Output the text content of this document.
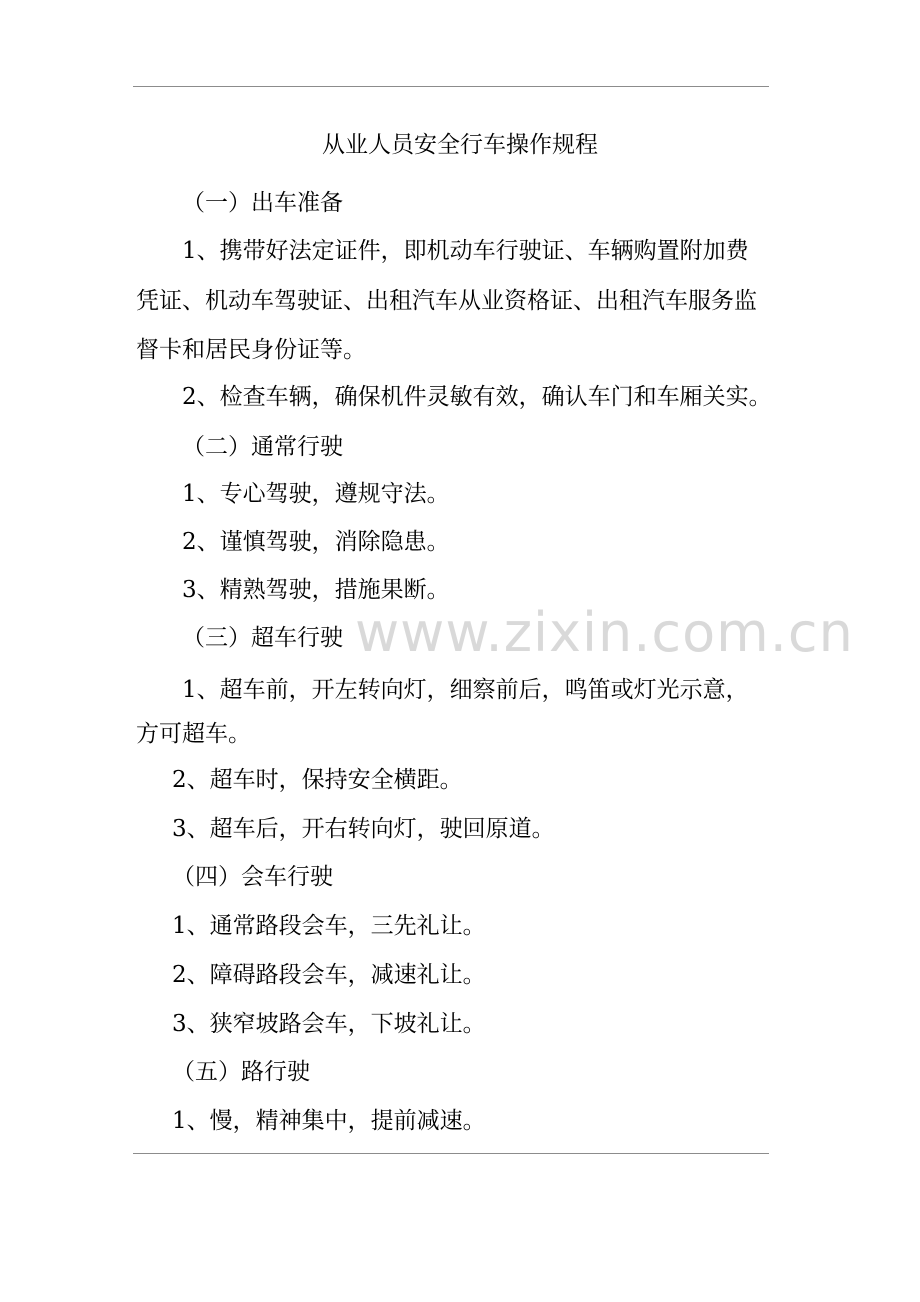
从业人员安全行车操作规程
（一）出车准备
1、携带好法定证件，即机动车行驶证、车辆购置附加费
凭证、机动车驾驶证、出租汽车从业资格证、出租汽车服务监
督卡和居民身份证等。
2、检查车辆，确保机件灵敏有效，确认车门和车厢关实。
（二）通常行驶
1、专心驾驶，遵规守法。
2、谨慎驾驶，消除隐患。
3、精熟驾驶，措施果断。
www.zixin.com.cn
（三）超车行驶
1、超车前，开左转向灯，细察前后，鸣笛或灯光示意，
方可超车。
2、超车时，保持安全横距。
3、超车后，开右转向灯，驶回原道。
（四）会车行驶
1、通常路段会车，三先礼让。
2、障碍路段会车，减速礼让。
3、狭窄坡路会车，下坡礼让。
（五）路行驶
1、慢，精神集中，提前减速。
